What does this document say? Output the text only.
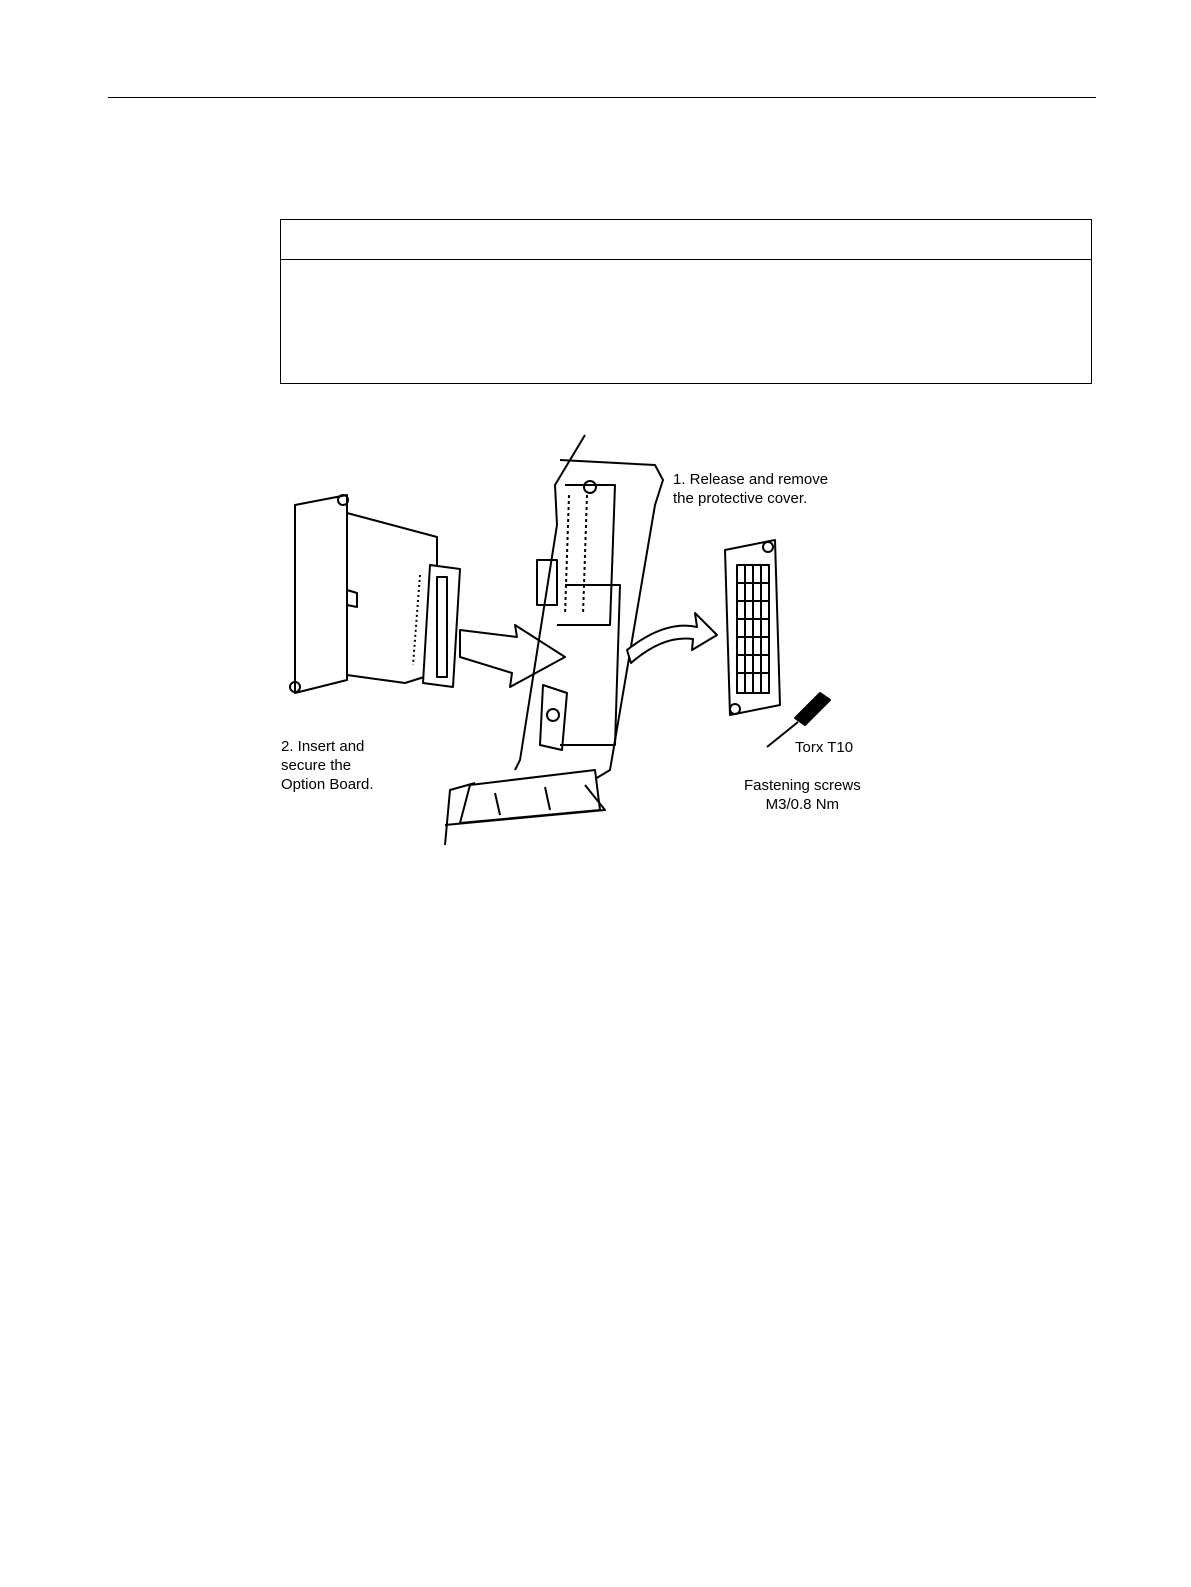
1. Release and remove
the protective cover.
2. Insert and
secure the
Option Board.
Torx T10
Fastening screws
M3/0.8 Nm
